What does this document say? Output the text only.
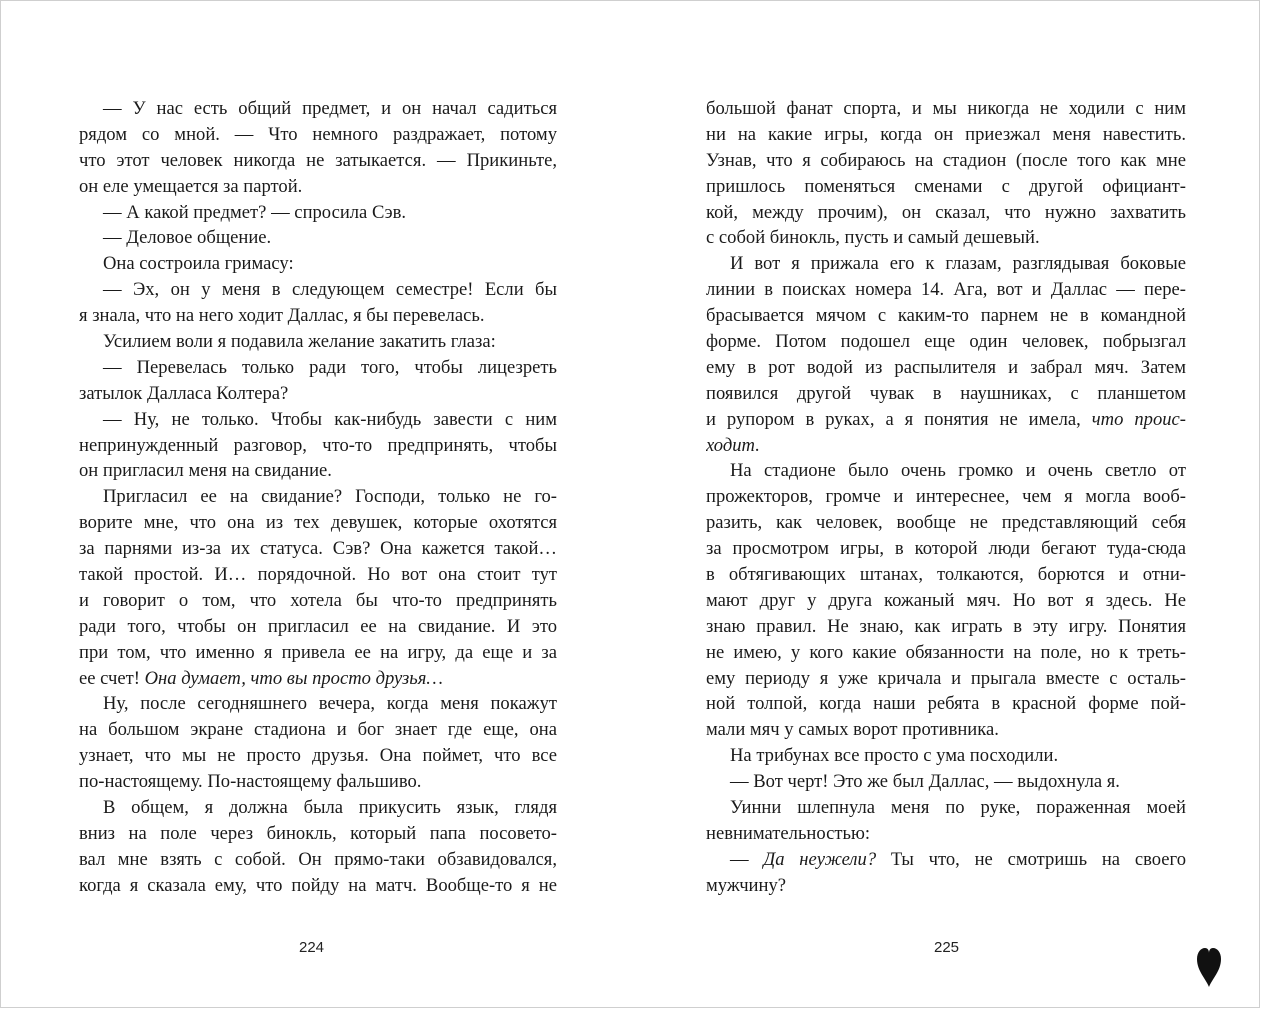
— У нас есть общий предмет, и он начал садиться
рядом со мной. — Что немного раздражает, потому
что этот человек никогда не затыкается. — Прикиньте,
он еле умещается за партой.
— А какой предмет? — спросила Сэв.
— Деловое общение.
Она состроила гримасу:
— Эх, он у меня в следующем семестре! Если бы
я знала, что на него ходит Даллас, я бы перевелась.
Усилием воли я подавила желание закатить глаза:
— Перевелась только ради того, чтобы лицезреть
затылок Далласа Колтера?
— Ну, не только. Чтобы как-нибудь завести с ним
непринужденный разговор, что-то предпринять, чтобы
он пригласил меня на свидание.
Пригласил ее на свидание? Господи, только не го-
ворите мне, что она из тех девушек, которые охотятся
за парнями из-за их статуса. Сэв? Она кажется такой…
такой простой. И… порядочной. Но вот она стоит тут
и говорит о том, что хотела бы что-то предпринять
ради того, чтобы он пригласил ее на свидание. И это
при том, что именно я привела ее на игру, да еще и за
ее счет! Она думает, что вы просто друзья…
Ну, после сегодняшнего вечера, когда меня покажут
на большом экране стадиона и бог знает где еще, она
узнает, что мы не просто друзья. Она поймет, что все
по-настоящему. По-настоящему фальшиво.
В общем, я должна была прикусить язык, глядя
вниз на поле через бинокль, который папа посовето-
вал мне взять с собой. Он прямо-таки обзавидовался,
когда я сказала ему, что пойду на матч. Вообще-то я не
большой фанат спорта, и мы никогда не ходили с ним
ни на какие игры, когда он приезжал меня навестить.
Узнав, что я собираюсь на стадион (после того как мне
пришлось поменяться сменами с другой официант-
кой, между прочим), он сказал, что нужно захватить
с собой бинокль, пусть и самый дешевый.
И вот я прижала его к глазам, разглядывая боковые
линии в поисках номера 14. Ага, вот и Даллас — пере-
брасывается мячом с каким-то парнем не в командной
форме. Потом подошел еще один человек, побрызгал
ему в рот водой из распылителя и забрал мяч. Затем
появился другой чувак в наушниках, с планшетом
и рупором в руках, а я понятия не имела, что проис-
ходит.
На стадионе было очень громко и очень светло от
прожекторов, громче и интереснее, чем я могла вооб-
разить, как человек, вообще не представляющий себя
за просмотром игры, в которой люди бегают туда-сюда
в обтягивающих штанах, толкаются, борются и отни-
мают друг у друга кожаный мяч. Но вот я здесь. Не
знаю правил. Не знаю, как играть в эту игру. Понятия
не имею, у кого какие обязанности на поле, но к треть-
ему периоду я уже кричала и прыгала вместе с осталь-
ной толпой, когда наши ребята в красной форме пой-
мали мяч у самых ворот противника.
На трибунах все просто с ума посходили.
— Вот черт! Это же был Даллас, — выдохнула я.
Уинни шлепнула меня по руке, пораженная моей
невнимательностью:
— Да неужели? Ты что, не смотришь на своего
мужчину?
224	225
